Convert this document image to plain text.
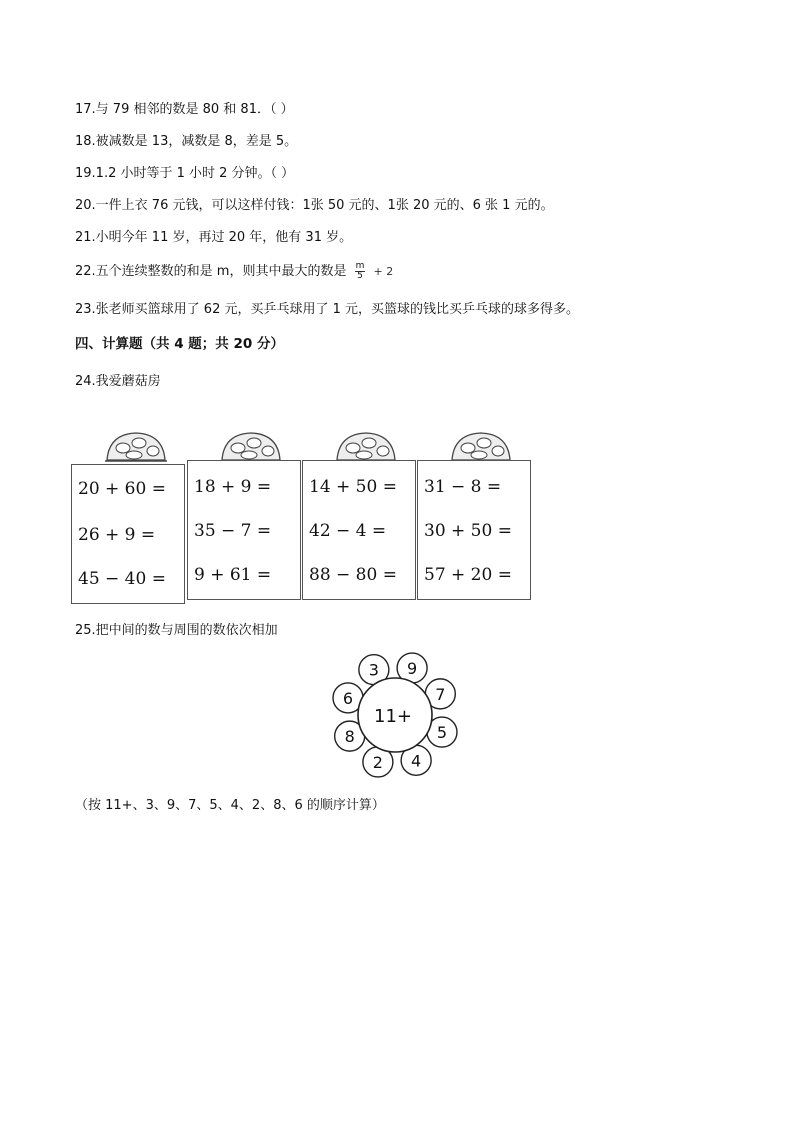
17.与 79 相邻的数是 80 和 81．（ ）
18.被减数是 13，减数是 8，差是 5。
19.1.2 小时等于 1 小时 2 分钟。（ ）
20.一件上衣 76 元钱，可以这样付钱：1张 50 元的、1张 20 元的、6 张 1 元的。
21.小明今年 11 岁，再过 20 年，他有 31 岁。
22.五个连续整数的和是 m，则其中最大的数是 $\frac{m}{5} + 2$
23.张老师买篮球用了 62 元，买乒乓球用了 1 元，买篮球的钱比买乒乓球的球多得多。
四、计算题（共 4 题；共 20 分）
24.我爱蘑菇房
20 + 60 =
26 + 9 =
45 − 40 =
18 + 9 =
35 − 7 =
9 + 61 =
14 + 50 =
42 − 4 =
88 − 80 =
31 − 8 =
30 + 50 =
57 + 20 =
25.把中间的数与周围的数依次相加
9
7
5
4
2
8
6
3
11+
（按 11+、3、9、7、5、4、2、8、6 的顺序计算）
